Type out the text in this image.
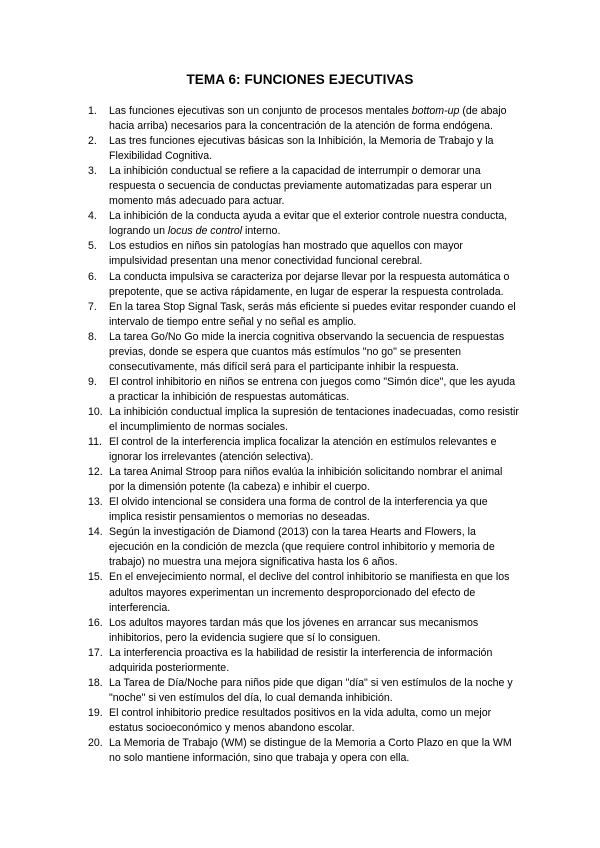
TEMA 6: FUNCIONES EJECUTIVAS
1.	Las funciones ejecutivas son un conjunto de procesos mentales bottom-up (de abajo hacia arriba) necesarios para la concentración de la atención de forma endógena.
2.	Las tres funciones ejecutivas básicas son la Inhibición, la Memoria de Trabajo y la Flexibilidad Cognitiva.
3.	La inhibición conductual se refiere a la capacidad de interrumpir o demorar una respuesta o secuencia de conductas previamente automatizadas para esperar un momento más adecuado para actuar.
4.	La inhibición de la conducta ayuda a evitar que el exterior controle nuestra conducta, logrando un locus de control interno.
5.	Los estudios en niños sin patologías han mostrado que aquellos con mayor impulsividad presentan una menor conectividad funcional cerebral.
6.	La conducta impulsiva se caracteriza por dejarse llevar por la respuesta automática o prepotente, que se activa rápidamente, en lugar de esperar la respuesta controlada.
7.	En la tarea Stop Signal Task, serás más eficiente si puedes evitar responder cuando el intervalo de tiempo entre señal y no señal es amplio.
8.	La tarea Go/No Go mide la inercia cognitiva observando la secuencia de respuestas previas, donde se espera que cuantos más estímulos "no go" se presenten consecutivamente, más difícil será para el participante inhibir la respuesta.
9.	El control inhibitorio en niños se entrena con juegos como "Simón dice", que les ayuda a practicar la inhibición de respuestas automáticas.
10. La inhibición conductual implica la supresión de tentaciones inadecuadas, como resistir el incumplimiento de normas sociales.
11. El control de la interferencia implica focalizar la atención en estímulos relevantes e ignorar los irrelevantes (atención selectiva).
12. La tarea Animal Stroop para niños evalúa la inhibición solicitando nombrar el animal por la dimensión potente (la cabeza) e inhibir el cuerpo.
13. El olvido intencional se considera una forma de control de la interferencia ya que implica resistir pensamientos o memorias no deseadas.
14. Según la investigación de Diamond (2013) con la tarea Hearts and Flowers, la ejecución en la condición de mezcla (que requiere control inhibitorio y memoria de trabajo) no muestra una mejora significativa hasta los 6 años.
15. En el envejecimiento normal, el declive del control inhibitorio se manifiesta en que los adultos mayores experimentan un incremento desproporcionado del efecto de interferencia.
16. Los adultos mayores tardan más que los jóvenes en arrancar sus mecanismos inhibitorios, pero la evidencia sugiere que sí lo consiguen.
17. La interferencia proactiva es la habilidad de resistir la interferencia de información adquirida posteriormente.
18. La Tarea de Día/Noche para niños pide que digan "día" si ven estímulos de la noche y "noche" si ven estímulos del día, lo cual demanda inhibición.
19. El control inhibitorio predice resultados positivos en la vida adulta, como un mejor estatus socioeconómico y menos abandono escolar.
20. La Memoria de Trabajo (WM) se distingue de la Memoria a Corto Plazo en que la WM no solo mantiene información, sino que trabaja y opera con ella.
